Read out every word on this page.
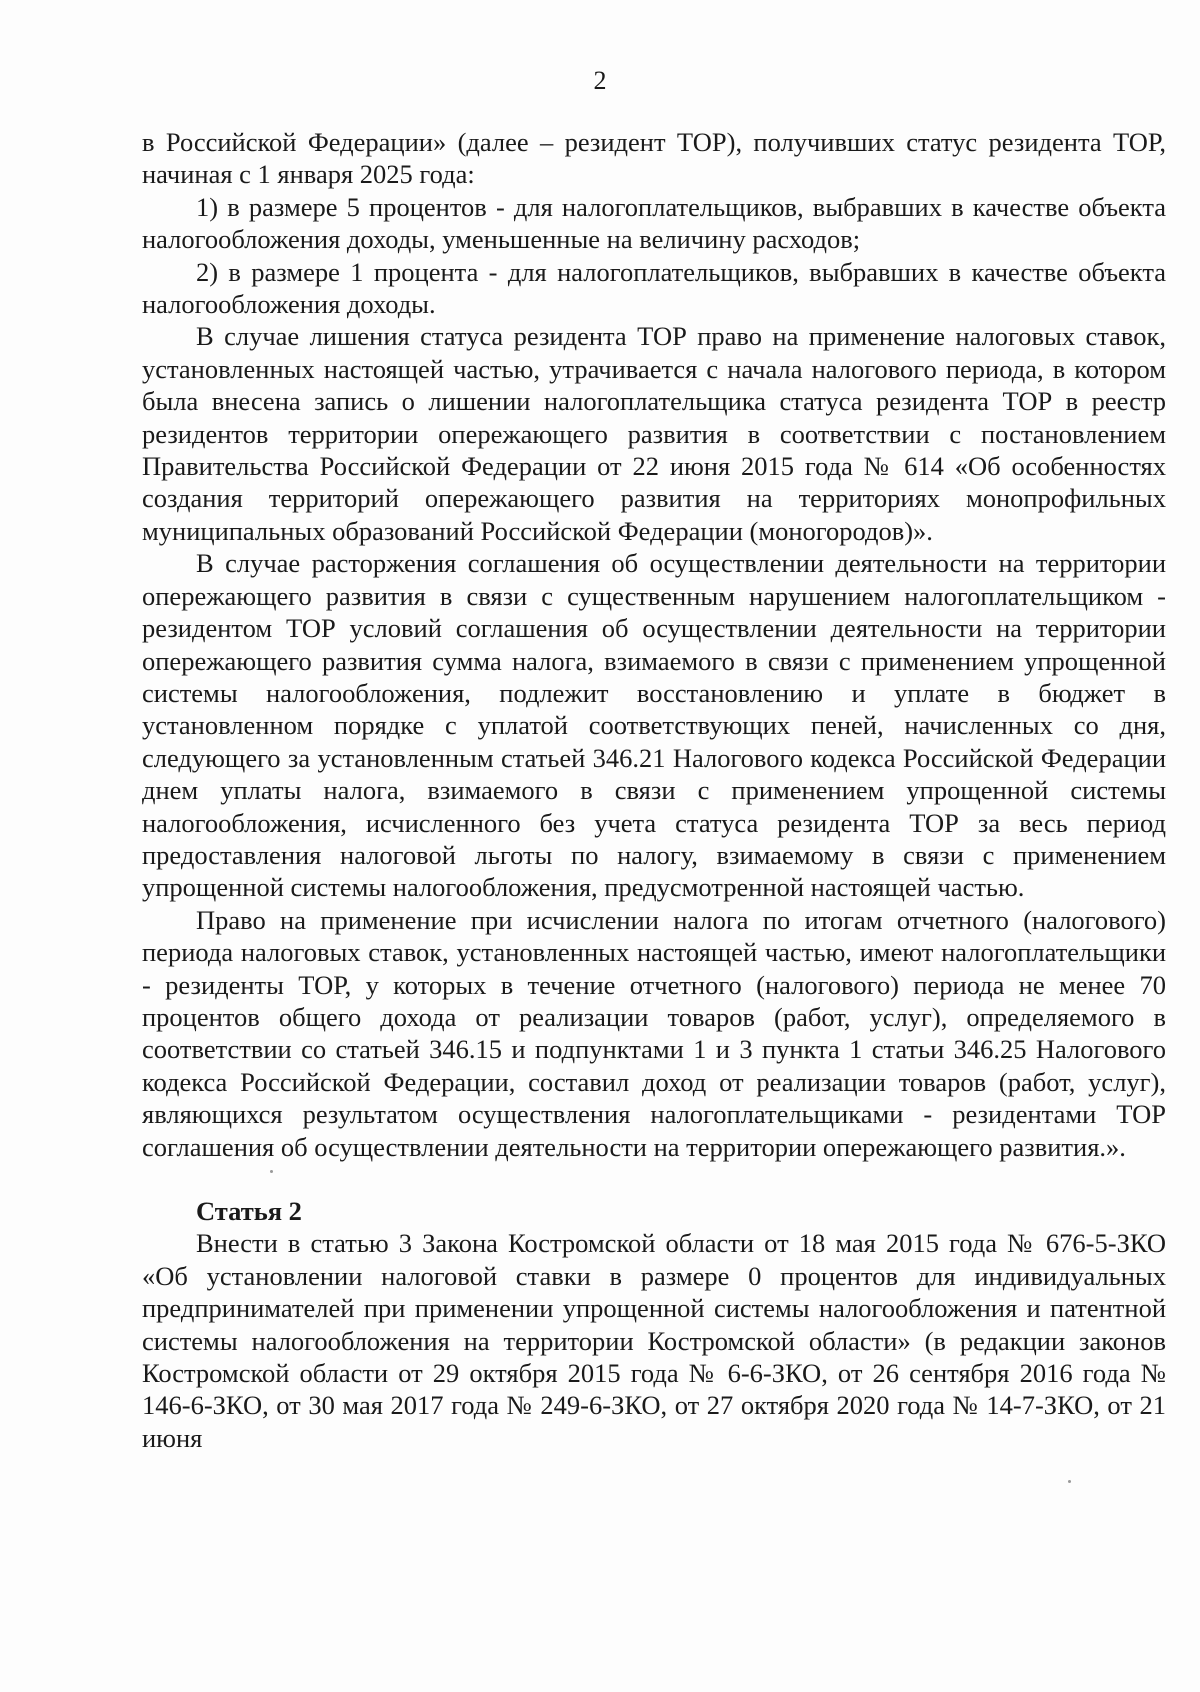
2

в Российской Федерации» (далее – резидент ТОР), получивших статус резидента ТОР, начиная с 1 января 2025 года:

1) в размере 5 процентов - для налогоплательщиков, выбравших в качестве объекта налогообложения доходы, уменьшенные на величину расходов;

2) в размере 1 процента - для налогоплательщиков, выбравших в качестве объекта налогообложения доходы.

В случае лишения статуса резидента ТОР право на применение налоговых ставок, установленных настоящей частью, утрачивается с начала налогового периода, в котором была внесена запись о лишении налогоплательщика статуса резидента ТОР в реестр резидентов территории опережающего развития в соответствии с постановлением Правительства Российской Федерации от 22 июня 2015 года № 614 «Об особенностях создания территорий опережающего развития на территориях монопрофильных муниципальных образований Российской Федерации (моногородов)».

В случае расторжения соглашения об осуществлении деятельности на территории опережающего развития в связи с существенным нарушением налогоплательщиком - резидентом ТОР условий соглашения об осуществлении деятельности на территории опережающего развития сумма налога, взимаемого в связи с применением упрощенной системы налогообложения, подлежит восстановлению и уплате в бюджет в установленном порядке с уплатой соответствующих пеней, начисленных со дня, следующего за установленным статьей 346.21 Налогового кодекса Российской Федерации днем уплаты налога, взимаемого в связи с применением упрощенной системы налогообложения, исчисленного без учета статуса резидента ТОР за весь период предоставления налоговой льготы по налогу, взимаемому в связи с применением упрощенной системы налогообложения, предусмотренной настоящей частью.

Право на применение при исчислении налога по итогам отчетного (налогового) периода налоговых ставок, установленных настоящей частью, имеют налогоплательщики - резиденты ТОР, у которых в течение отчетного (налогового) периода не менее 70 процентов общего дохода от реализации товаров (работ, услуг), определяемого в соответствии со статьей 346.15 и подпунктами 1 и 3 пункта 1 статьи 346.25 Налогового кодекса Российской Федерации, составил доход от реализации товаров (работ, услуг), являющихся результатом осуществления налогоплательщиками - резидентами ТОР соглашения об осуществлении деятельности на территории опережающего развития.».

Статья 2

Внести в статью 3 Закона Костромской области от 18 мая 2015 года № 676-5-ЗКО «Об установлении налоговой ставки в размере 0 процентов для индивидуальных предпринимателей при применении упрощенной системы налогообложения и патентной системы налогообложения на территории Костромской области» (в редакции законов Костромской области от 29 октября 2015 года № 6-6-ЗКО, от 26 сентября 2016 года № 146-6-ЗКО, от 30 мая 2017 года № 249-6-ЗКО, от 27 октября 2020 года № 14-7-ЗКО, от 21 июня
